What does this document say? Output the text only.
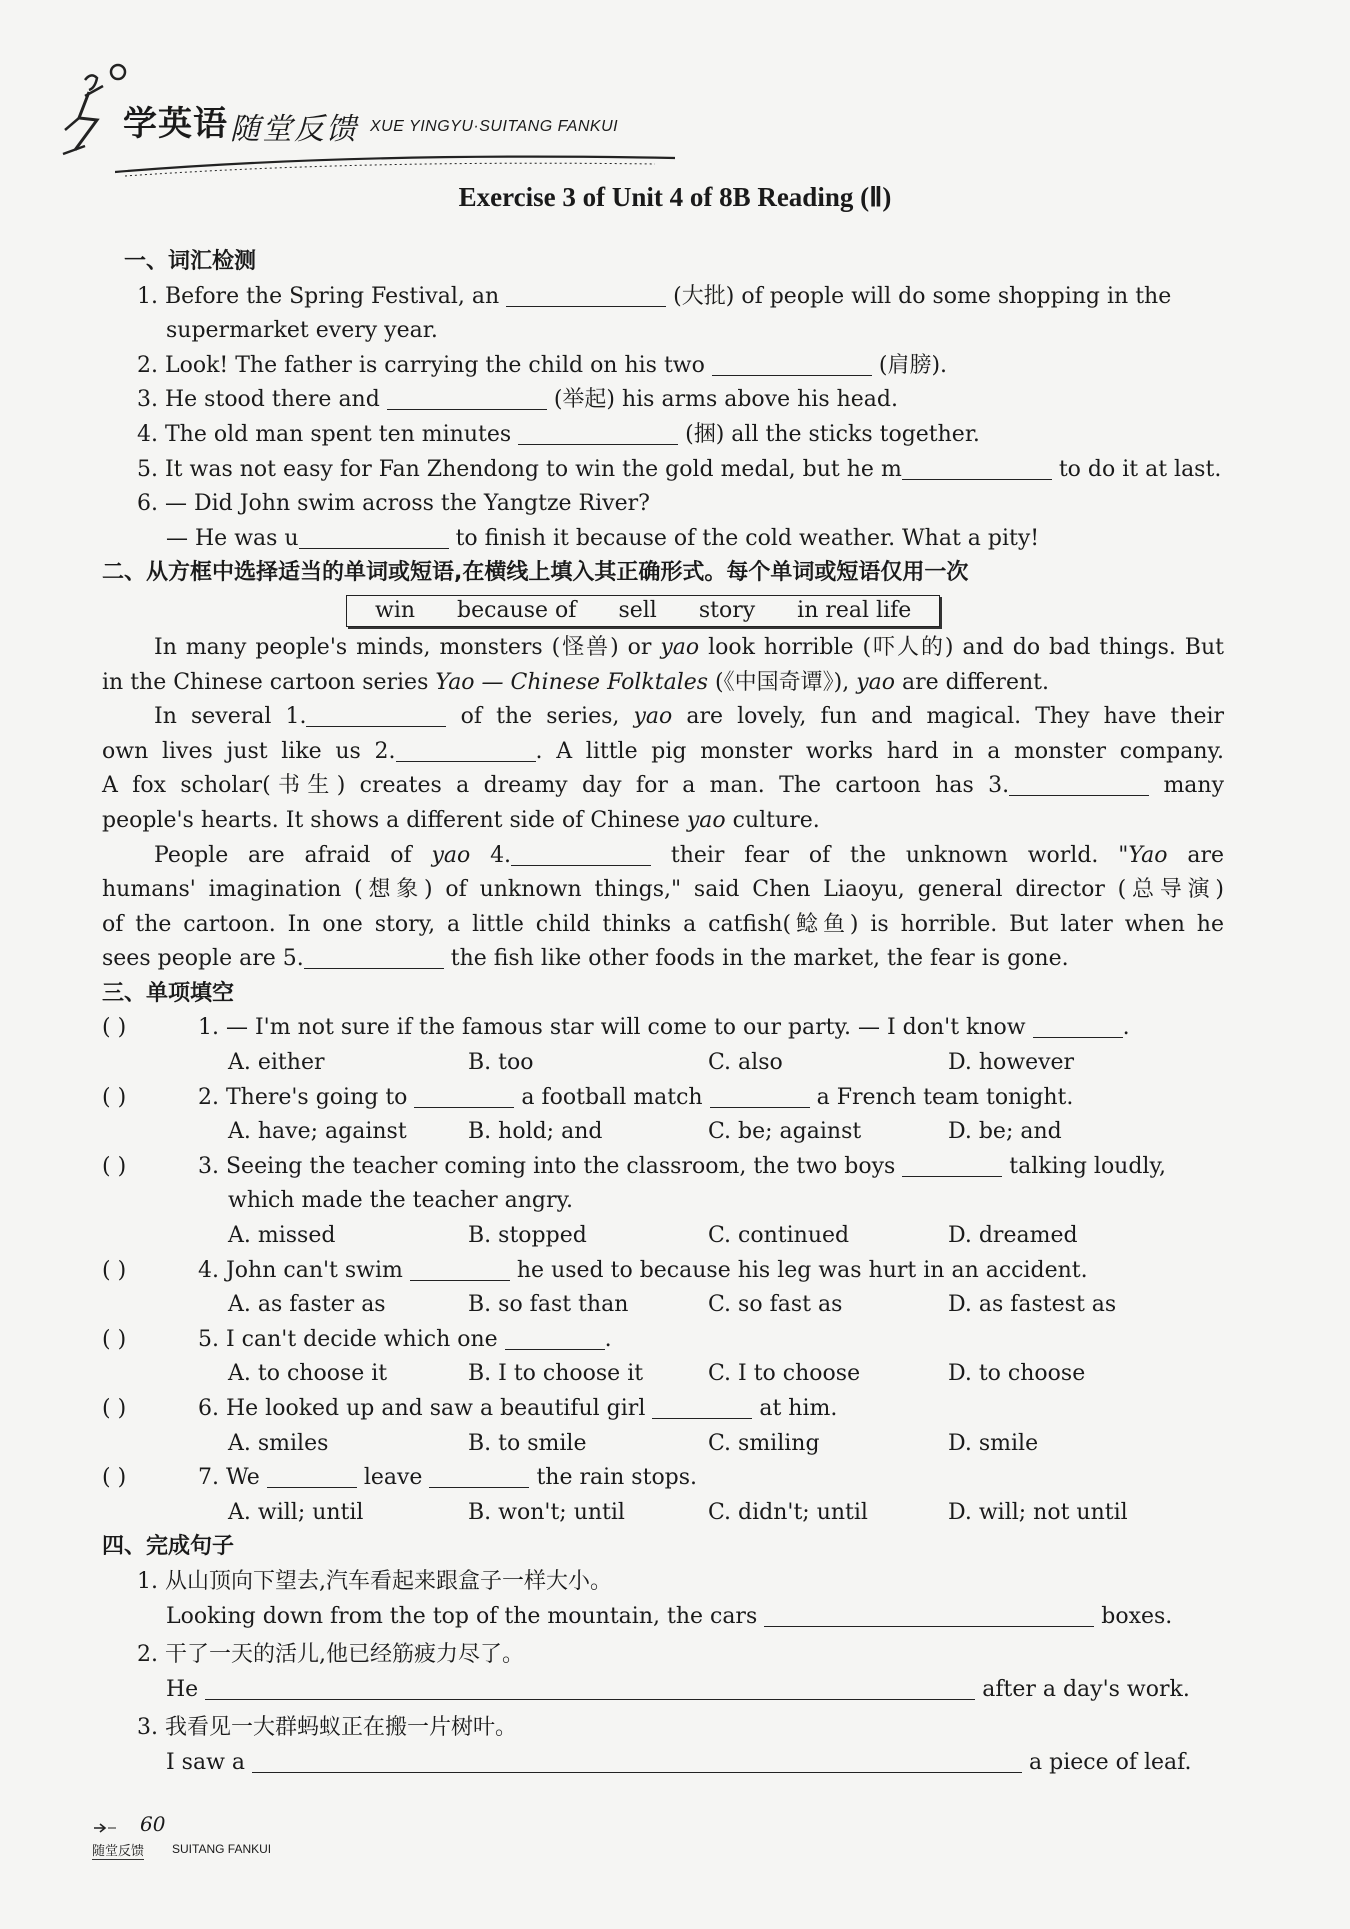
学英语 随堂反馈 XUE YINGYU·SUITANG FANKUI
Exercise 3 of Unit 4 of 8B Reading (Ⅱ)
一、词汇检测
1. Before the Spring Festival, an	(大批) of people will do some shopping in the
supermarket every year.
2. Look! The father is carrying the child on his two	(肩膀).
3. He stood there and	(举起) his arms above his head.
4. The old man spent ten minutes	(捆) all the sticks together.
5. It was not easy for Fan Zhendong to win the gold medal, but he m	to do it at last.
6. — Did John swim across the Yangtze River?
— He was u	to finish it because of the cold weather. What a pity!
二、从方框中选择适当的单词或短语,在横线上填入其正确形式。每个单词或短语仅用一次
win because of sell story in real life
In many people's minds, monsters (怪兽) or yao look horrible (吓人的) and do bad things. But
in the Chinese cartoon series Yao — Chinese Folktales (《中国奇谭》), yao are different.
In several 1.	of the series, yao are lovely, fun and magical. They have their
own lives just like us 2.	. A little pig monster works hard in a monster company.
A fox scholar(书生) creates a dreamy day for a man. The cartoon has 3.	many
people's hearts. It shows a different side of Chinese yao culture.
People are afraid of yao 4.	their fear of the unknown world. "Yao are
humans' imagination (想象) of unknown things," said Chen Liaoyu, general director (总导演)
of the cartoon. In one story, a little child thinks a catfish(鲶鱼) is horrible. But later when he
sees people are 5.	the fish like other foods in the market, the fear is gone.
三、单项填空
( )	1. — I'm not sure if the famous star will come to our party. — I don't know	.
A. either	B. too	C. also	D. however
( )	2. There's going to	a football match	a French team tonight.
A. have; against	B. hold; and	C. be; against	D. be; and
( )	3. Seeing the teacher coming into the classroom, the two boys	talking loudly,
which made the teacher angry.
A. missed	B. stopped	C. continued	D. dreamed
( )	4. John can't swim	he used to because his leg was hurt in an accident.
A. as faster as	B. so fast than	C. so fast as	D. as fastest as
( )	5. I can't decide which one	.
A. to choose it	B. I to choose it	C. I to choose	D. to choose
( )	6. He looked up and saw a beautiful girl	at him.
A. smiles	B. to smile	C. smiling	D. smile
( )	7. We	leave	the rain stops.
A. will; until	B. won't; until	C. didn't; until	D. will; not until
四、完成句子
1. 从山顶向下望去,汽车看起来跟盒子一样大小。
Looking down from the top of the mountain, the cars	boxes.
2. 干了一天的活儿,他已经筋疲力尽了。
He	after a day's work.
3. 我看见一大群蚂蚁正在搬一片树叶。
I saw a	a piece of leaf.
60
随堂反馈 SUITANG FANKUI
